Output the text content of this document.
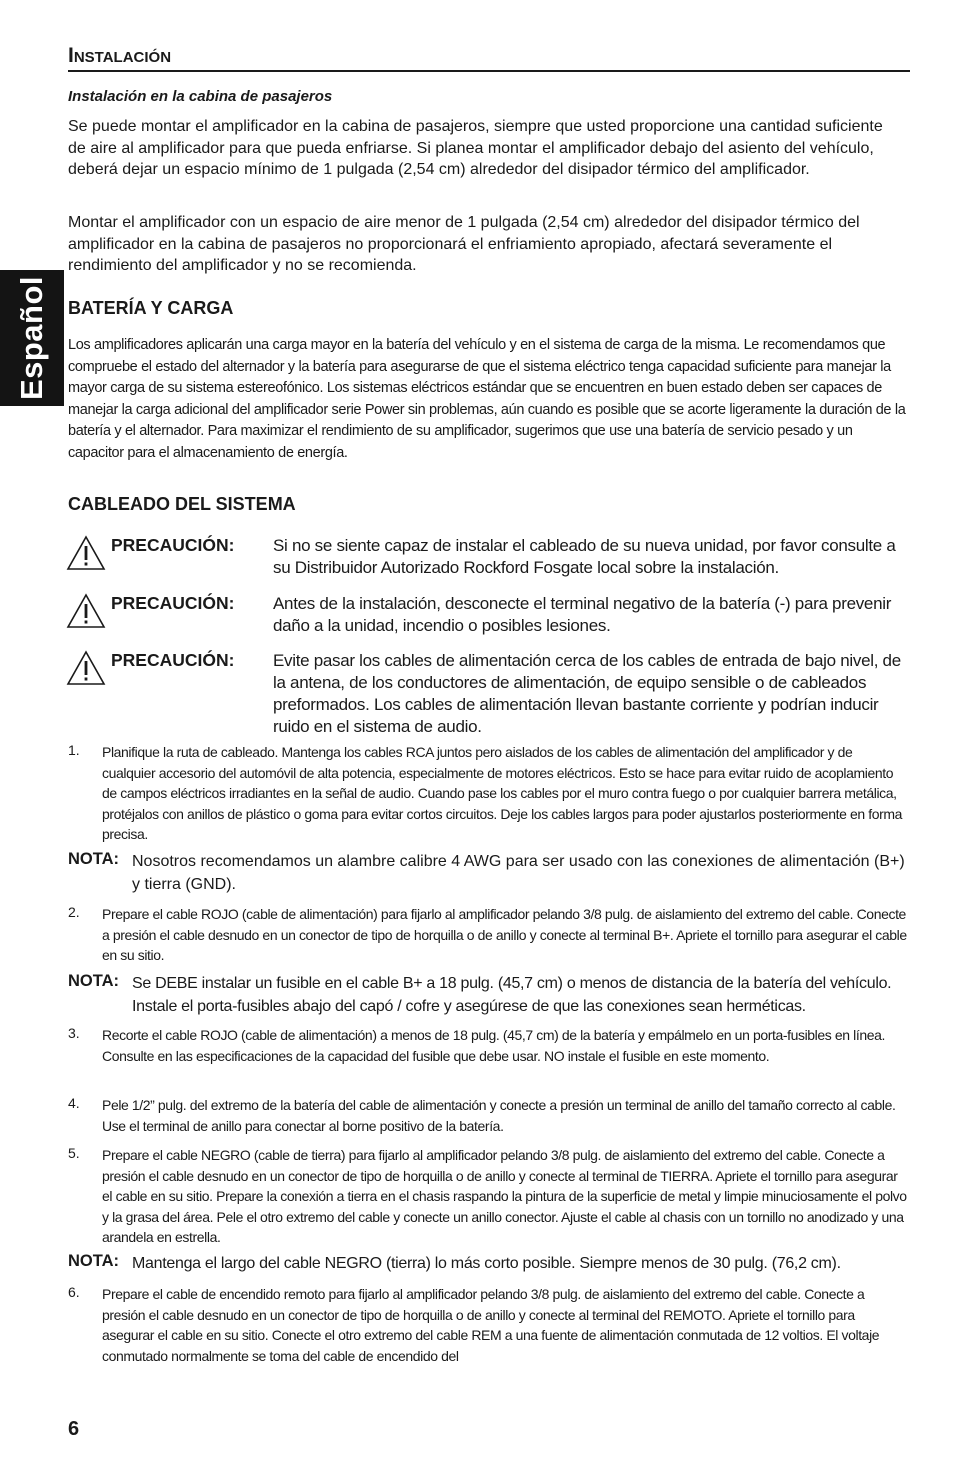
Español
Instalación
Instalación en la cabina de pasajeros
Se puede montar el amplificador en la cabina de pasajeros, siempre que usted proporcione una cantidad suficiente de aire al amplificador para que pueda enfriarse. Si planea montar el amplificador debajo del asiento del vehículo, deberá dejar un espacio mínimo de 1 pulgada (2,54 cm) alrededor del disipador térmico del amplificador.
Montar el amplificador con un espacio de aire menor de 1 pulgada (2,54 cm) alrededor del disipador térmico del amplificador en la cabina de pasajeros no proporcionará el enfriamiento apropiado, afectará severamente el rendimiento del amplificador y no se recomienda.
BATERÍA Y CARGA
Los amplificadores aplicarán una carga mayor en la batería del vehículo y en el sistema de carga de la misma. Le recomendamos que compruebe el estado del alternador y la batería para asegurarse de que el sistema eléctrico tenga capacidad suficiente para manejar la mayor carga de su sistema estereofónico. Los sistemas eléctricos estándar que se encuentren en buen estado deben ser capaces de manejar la carga adicional del amplificador serie Power sin problemas, aún cuando es posible que se acorte ligeramente la duración de la batería y el alternador. Para maximizar el rendimiento de su amplificador, sugerimos que use una batería de servicio pesado y un capacitor para el almacenamiento de energía.
CABLEADO DEL SISTEMA
PRECAUCIÓN: Si no se siente capaz de instalar el cableado de su nueva unidad, por favor consulte a su Distribuidor Autorizado Rockford Fosgate local sobre la instalación.
PRECAUCIÓN: Antes de la instalación, desconecte el terminal negativo de la batería (-) para prevenir daño a la unidad, incendio o posibles lesiones.
PRECAUCIÓN: Evite pasar los cables de alimentación cerca de los cables de entrada de bajo nivel, de la antena, de los conductores de alimentación, de equipo sensible o de cableados preformados. Los cables de alimentación llevan bastante corriente y podrían inducir ruido en el sistema de audio.
1. Planifique la ruta de cableado. Mantenga los cables RCA juntos pero aislados de los cables de alimentación del amplificador y de cualquier accesorio del automóvil de alta potencia, especialmente de motores eléctricos. Esto se hace para evitar ruido de acoplamiento de campos eléctricos irradiantes en la señal de audio. Cuando pase los cables por el muro contra fuego o por cualquier barrera metálica, protéjalos con anillos de plástico o goma para evitar cortos circuitos. Deje los cables largos para poder ajustarlos posteriormente en forma precisa.
NOTA: Nosotros recomendamos un alambre calibre 4 AWG para ser usado con las conexiones de alimentación (B+) y tierra (GND).
2. Prepare el cable ROJO (cable de alimentación) para fijarlo al amplificador pelando 3/8 pulg. de aislamiento del extremo del cable. Conecte a presión el cable desnudo en un conector de tipo de horquilla o de anillo y conecte al terminal B+. Apriete el tornillo para asegurar el cable en su sitio.
NOTA: Se DEBE instalar un fusible en el cable B+ a 18 pulg. (45,7 cm) o menos de distancia de la batería del vehículo. Instale el porta-fusibles abajo del capó / cofre y asegúrese de que las conexiones sean herméticas.
3. Recorte el cable ROJO (cable de alimentación) a menos de 18 pulg. (45,7 cm) de la batería y empálmelo en un porta-fusibles en línea. Consulte en las especificaciones de la capacidad del fusible que debe usar. NO instale el fusible en este momento.
4. Pele 1/2” pulg. del extremo de la batería del cable de alimentación y conecte a presión un terminal de anillo del tamaño correcto al cable. Use el terminal de anillo para conectar al borne positivo de la batería.
5. Prepare el cable NEGRO (cable de tierra) para fijarlo al amplificador pelando 3/8 pulg. de aislamiento del extremo del cable. Conecte a presión el cable desnudo en un conector de tipo de horquilla o de anillo y conecte al terminal de TIERRA. Apriete el tornillo para asegurar el cable en su sitio. Prepare la conexión a tierra en el chasis raspando la pintura de la superficie de metal y limpie minuciosamente el polvo y la grasa del área. Pele el otro extremo del cable y conecte un anillo conector. Ajuste el cable al chasis con un tornillo no anodizado y una arandela en estrella.
NOTA: Mantenga el largo del cable NEGRO (tierra) lo más corto posible. Siempre menos de 30 pulg. (76,2 cm).
6. Prepare el cable de encendido remoto para fijarlo al amplificador pelando 3/8 pulg. de aislamiento del extremo del cable. Conecte a presión el cable desnudo en un conector de tipo de horquilla o de anillo y conecte al terminal del REMOTO. Apriete el tornillo para asegurar el cable en su sitio. Conecte el otro extremo del cable REM a una fuente de alimentación conmutada de 12 voltios. El voltaje conmutado normalmente se toma del cable de encendido del
6
